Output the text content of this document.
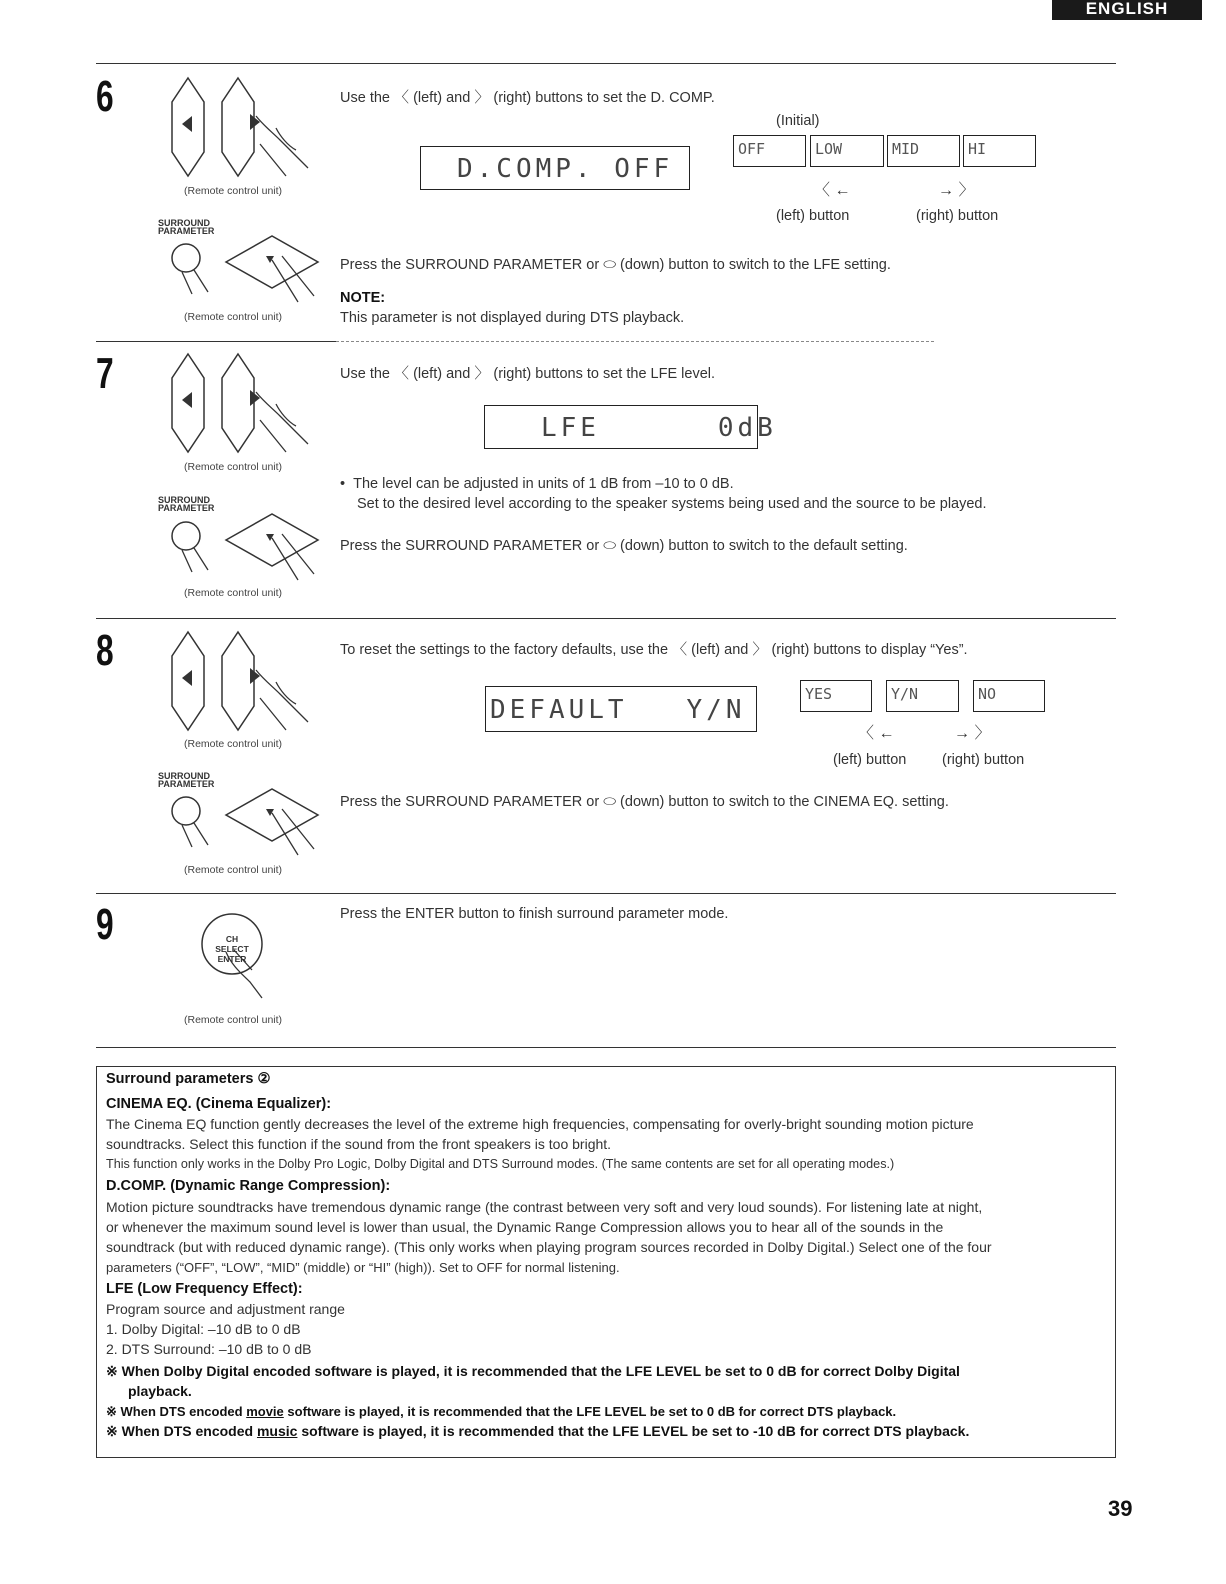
ENGLISH
6
(Remote control unit)
SURROUND
PARAMETER
(Remote control unit)
Use the 〈 (left) and 〉 (right) buttons to set the D. COMP.
(Initial)
D.COMP. OFF
OFF	LOW	MID	HI
〈 ←	→ 〉
(left) button	(right) button
Press the SURROUND PARAMETER or ⬭ (down) button to switch to the LFE setting.
NOTE:
This parameter is not displayed during DTS playback.
7
(Remote control unit)
SURROUND
PARAMETER
(Remote control unit)
Use the 〈 (left) and 〉 (right) buttons to set the LFE level.
LFE      0dB
• The level can be adjusted in units of 1 dB from –10 to 0 dB.
Set to the desired level according to the speaker systems being used and the source to be played.
Press the SURROUND PARAMETER or ⬭ (down) button to switch to the default setting.
8
(Remote control unit)
SURROUND
PARAMETER
(Remote control unit)
To reset the settings to the factory defaults, use the 〈 (left) and 〉 (right) buttons to display “Yes”.
DEFAULT   Y/N
YES	Y/N	NO
〈 ←	→ 〉
(left) button (right) button
Press the SURROUND PARAMETER or ⬭ (down) button to switch to the CINEMA EQ. setting.
9	CH SELECT
ENTER
(Remote control unit)
Press the ENTER button to finish surround parameter mode.
Surround parameters ②
CINEMA EQ. (Cinema Equalizer):
The Cinema EQ function gently decreases the level of the extreme high frequencies, compensating for overly-bright sounding motion picture
soundtracks. Select this function if the sound from the front speakers is too bright.
This function only works in the Dolby Pro Logic, Dolby Digital and DTS Surround modes. (The same contents are set for all operating modes.)
D.COMP. (Dynamic Range Compression):
Motion picture soundtracks have tremendous dynamic range (the contrast between very soft and very loud sounds). For listening late at night,
or whenever the maximum sound level is lower than usual, the Dynamic Range Compression allows you to hear all of the sounds in the
soundtrack (but with reduced dynamic range). (This only works when playing program sources recorded in Dolby Digital.) Select one of the four
parameters (“OFF”, “LOW”, “MID” (middle) or “HI” (high)). Set to OFF for normal listening.
LFE (Low Frequency Effect):
Program source and adjustment range
1. Dolby Digital: –10 dB to 0 dB
2. DTS Surround: –10 dB to 0 dB
※ When Dolby Digital encoded software is played, it is recommended that the LFE LEVEL be set to 0 dB for correct Dolby Digital
playback.
※ When DTS encoded movie software is played, it is recommended that the LFE LEVEL be set to 0 dB for correct DTS playback.
※ When DTS encoded music software is played, it is recommended that the LFE LEVEL be set to -10 dB for correct DTS playback.
39
